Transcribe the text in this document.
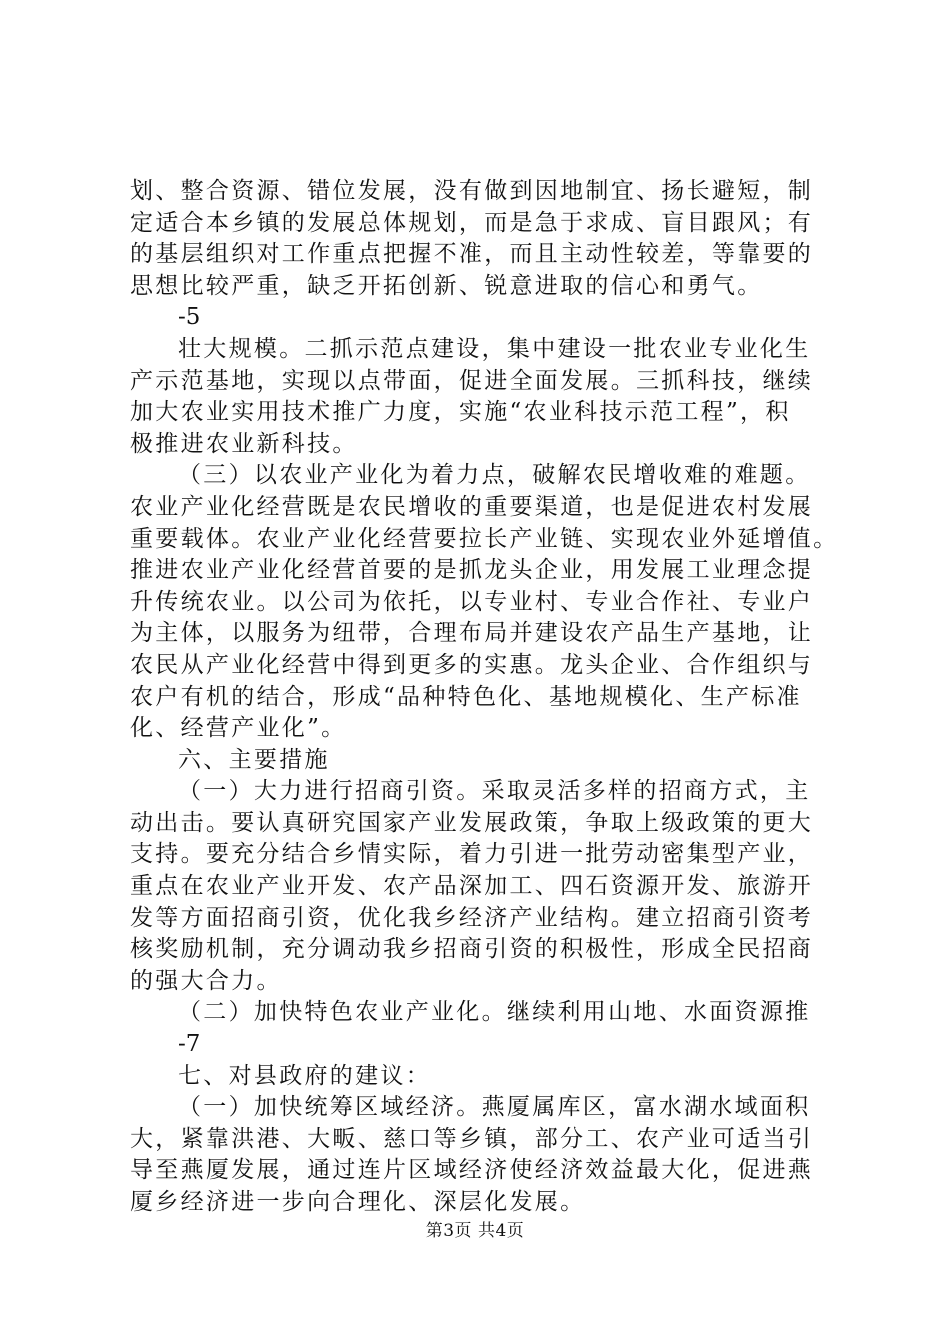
划、整合资源、错位发展，没有做到因地制宜、扬长避短，制
定适合本乡镇的发展总体规划，而是急于求成、盲目跟风；有
的基层组织对工作重点把握不准，而且主动性较差，等靠要的
思想比较严重，缺乏开拓创新、锐意进取的信心和勇气。
-5
壮大规模。二抓示范点建设，集中建设一批农业专业化生
产示范基地，实现以点带面，促进全面发展。三抓科技，继续
加大农业实用技术推广力度，实施“农业科技示范工程”，积
极推进农业新科技。
（三）以农业产业化为着力点，破解农民增收难的难题。
农业产业化经营既是农民增收的重要渠道，也是促进农村发展
重要载体。农业产业化经营要拉长产业链、实现农业外延增值。
推进农业产业化经营首要的是抓龙头企业，用发展工业理念提
升传统农业。以公司为依托，以专业村、专业合作社、专业户
为主体，以服务为纽带，合理布局并建设农产品生产基地，让
农民从产业化经营中得到更多的实惠。龙头企业、合作组织与
农户有机的结合，形成“品种特色化、基地规模化、生产标准
化、经营产业化”。
六、主要措施
（一）大力进行招商引资。采取灵活多样的招商方式，主
动出击。要认真研究国家产业发展政策，争取上级政策的更大
支持。要充分结合乡情实际，着力引进一批劳动密集型产业，
重点在农业产业开发、农产品深加工、四石资源开发、旅游开
发等方面招商引资，优化我乡经济产业结构。建立招商引资考
核奖励机制，充分调动我乡招商引资的积极性，形成全民招商
的强大合力。
（二）加快特色农业产业化。继续利用山地、水面资源推
-7
七、对县政府的建议：
（一）加快统筹区域经济。燕厦属库区，富水湖水域面积
大，紧靠洪港、大畈、慈口等乡镇，部分工、农产业可适当引
导至燕厦发展，通过连片区域经济使经济效益最大化，促进燕
厦乡经济进一步向合理化、深层化发展。
第3页 共4页
